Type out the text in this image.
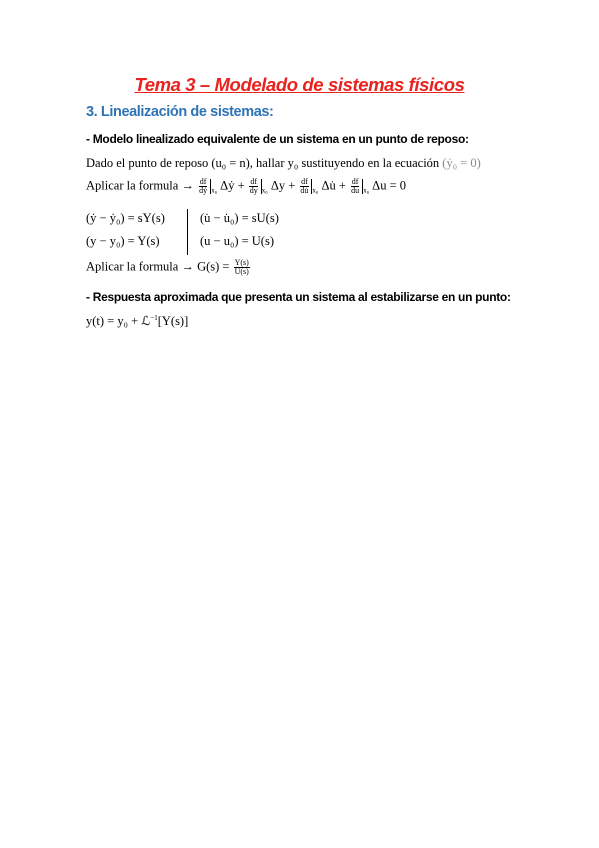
Tema 3 – Modelado de sistemas físicos
3. Linealización de sistemas:
- Modelo linealizado equivalente de un sistema en un punto de reposo:
Dado el punto de reposo (u₀ = n), hallar y₀ sustituyendo en la ecuación (ẏ₀ = 0)
Aplicar la formula → $\frac{df}{\text{dẏ}} _{x_0}$ Δẏ + $\frac{df}{dy} _{x_0}$ $\Delta y + \frac{df}{du̇} _{x_0}$ Δu̇ + $\frac{df}{du} _{x_0}$ Δu = 0
(ẏ − ẏ₀) = sY(s)
(y − y₀) = Y(s)
(u̇ − u̇₀) = sU(s)
(u − u₀) = U(s)
Aplicar la formula → $G(s) = \frac{Y(s)}{U(s)}$
- Respuesta aproximada que presenta un sistema al estabilizarse en un punto:
y(t) = y₀ + ℒ$^{-1}$[Y(s)]
